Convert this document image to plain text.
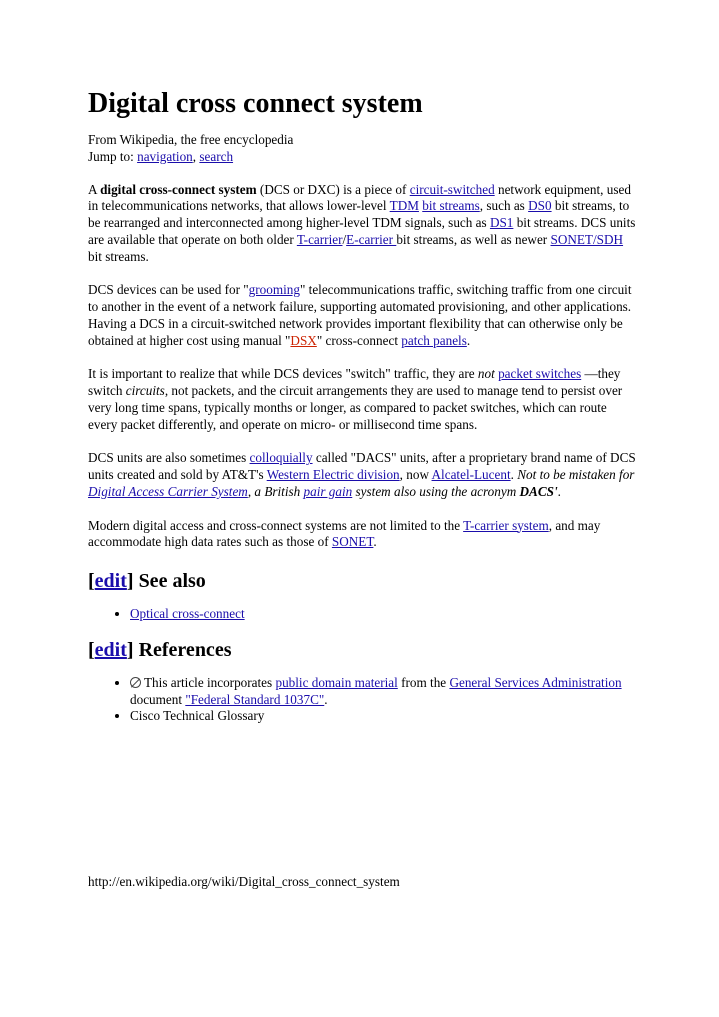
Digital cross connect system

From Wikipedia, the free encyclopedia

Jump to: navigation, search

A digital cross-connect system (DCS or DXC) is a piece of circuit-switched network equipment, used in telecommunications networks, that allows lower-level TDM bit streams, such as DS0 bit streams, to be rearranged and interconnected among higher-level TDM signals, such as DS1 bit streams. DCS units are available that operate on both older T-carrier/E-carrier bit streams, as well as newer SONET/SDH bit streams.

DCS devices can be used for "grooming" telecommunications traffic, switching traffic from one circuit to another in the event of a network failure, supporting automated provisioning, and other applications. Having a DCS in a circuit-switched network provides important flexibility that can otherwise only be obtained at higher cost using manual "DSX" cross-connect patch panels.

It is important to realize that while DCS devices "switch" traffic, they are not packet switches —they switch circuits, not packets, and the circuit arrangements they are used to manage tend to persist over very long time spans, typically months or longer, as compared to packet switches, which can route every packet differently, and operate on micro- or millisecond time spans.

DCS units are also sometimes colloquially called "DACS" units, after a proprietary brand name of DCS units created and sold by AT&T's Western Electric division, now Alcatel-Lucent. Not to be mistaken for Digital Access Carrier System, a British pair gain system also using the acronym DACS'.

Modern digital access and cross-connect systems are not limited to the T-carrier system, and may accommodate high data rates such as those of SONET.

[edit] See also
• Optical cross-connect
[edit] References
• This article incorporates public domain material from the General Services Administration document "Federal Standard 1037C".
• Cisco Technical Glossary
http://en.wikipedia.org/wiki/Digital_cross_connect_system
